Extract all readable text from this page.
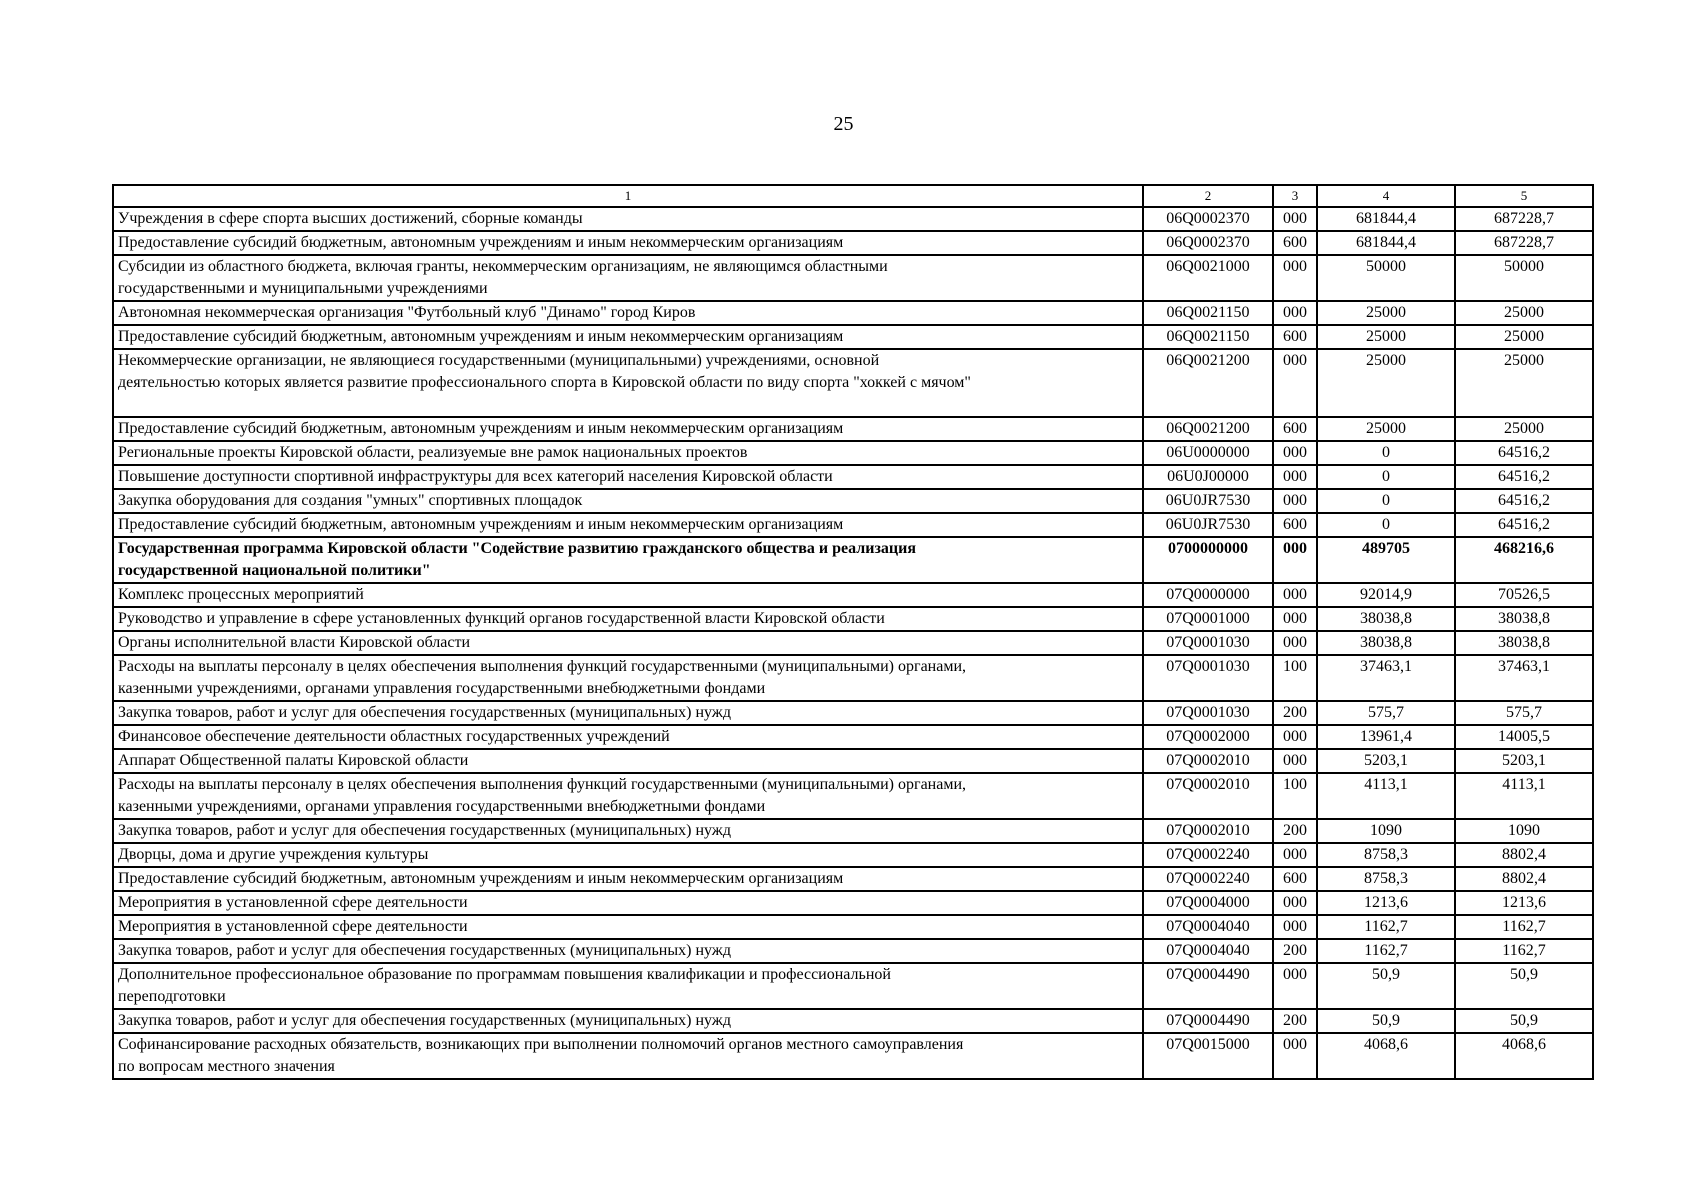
25
1	2	3	4	5
Учреждения в сфере спорта высших достижений, сборные команды	06Q0002370	000	681844,4	687228,7
Предоставление субсидий бюджетным, автономным учреждениям и иным некоммерческим организациям	06Q0002370	600	681844,4	687228,7
Субсидии из областного бюджета, включая гранты, некоммерческим организациям, не являющимся областными
государственными и муниципальными учреждениями	06Q0021000	000	50000	50000
Автономная некоммерческая организация "Футбольный клуб "Динамо" город Киров	06Q0021150	000	25000	25000
Предоставление субсидий бюджетным, автономным учреждениям и иным некоммерческим организациям	06Q0021150	600	25000	25000
Некоммерческие организации, не являющиеся государственными (муниципальными) учреждениями, основной
деятельностью которых является развитие профессионального спорта в Кировской области по виду спорта "хоккей с мячом"	06Q0021200	000	25000	25000
Предоставление субсидий бюджетным, автономным учреждениям и иным некоммерческим организациям	06Q0021200	600	25000	25000
Региональные проекты Кировской области, реализуемые вне рамок национальных проектов	06U0000000	000	0	64516,2
Повышение доступности спортивной инфраструктуры для всех категорий населения Кировской области	06U0J00000	000	0	64516,2
Закупка оборудования для создания "умных" спортивных площадок	06U0JR7530	000	0	64516,2
Предоставление субсидий бюджетным, автономным учреждениям и иным некоммерческим организациям	06U0JR7530	600	0	64516,2
Государственная программа Кировской области "Содействие развитию гражданского общества и реализация
государственной национальной политики"	0700000000	000	489705	468216,6
Комплекс процессных мероприятий	07Q0000000	000	92014,9	70526,5
Руководство и управление в сфере установленных функций органов государственной власти Кировской области	07Q0001000	000	38038,8	38038,8
Органы исполнительной власти Кировской области	07Q0001030	000	38038,8	38038,8
Расходы на выплаты персоналу в целях обеспечения выполнения функций государственными (муниципальными) органами,
казенными учреждениями, органами управления государственными внебюджетными фондами	07Q0001030	100	37463,1	37463,1
Закупка товаров, работ и услуг для обеспечения государственных (муниципальных) нужд	07Q0001030	200	575,7	575,7
Финансовое обеспечение деятельности областных государственных учреждений	07Q0002000	000	13961,4	14005,5
Аппарат Общественной палаты Кировской области	07Q0002010	000	5203,1	5203,1
Расходы на выплаты персоналу в целях обеспечения выполнения функций государственными (муниципальными) органами,
казенными учреждениями, органами управления государственными внебюджетными фондами	07Q0002010	100	4113,1	4113,1
Закупка товаров, работ и услуг для обеспечения государственных (муниципальных) нужд	07Q0002010	200	1090	1090
Дворцы, дома и другие учреждения культуры	07Q0002240	000	8758,3	8802,4
Предоставление субсидий бюджетным, автономным учреждениям и иным некоммерческим организациям	07Q0002240	600	8758,3	8802,4
Мероприятия в установленной сфере деятельности	07Q0004000	000	1213,6	1213,6
Мероприятия в установленной сфере деятельности	07Q0004040	000	1162,7	1162,7
Закупка товаров, работ и услуг для обеспечения государственных (муниципальных) нужд	07Q0004040	200	1162,7	1162,7
Дополнительное профессиональное образование по программам повышения квалификации и профессиональной
переподготовки	07Q0004490	000	50,9	50,9
Закупка товаров, работ и услуг для обеспечения государственных (муниципальных) нужд	07Q0004490	200	50,9	50,9
Софинансирование расходных обязательств, возникающих при выполнении полномочий органов местного самоуправления
по вопросам местного значения	07Q0015000	000	4068,6	4068,6
